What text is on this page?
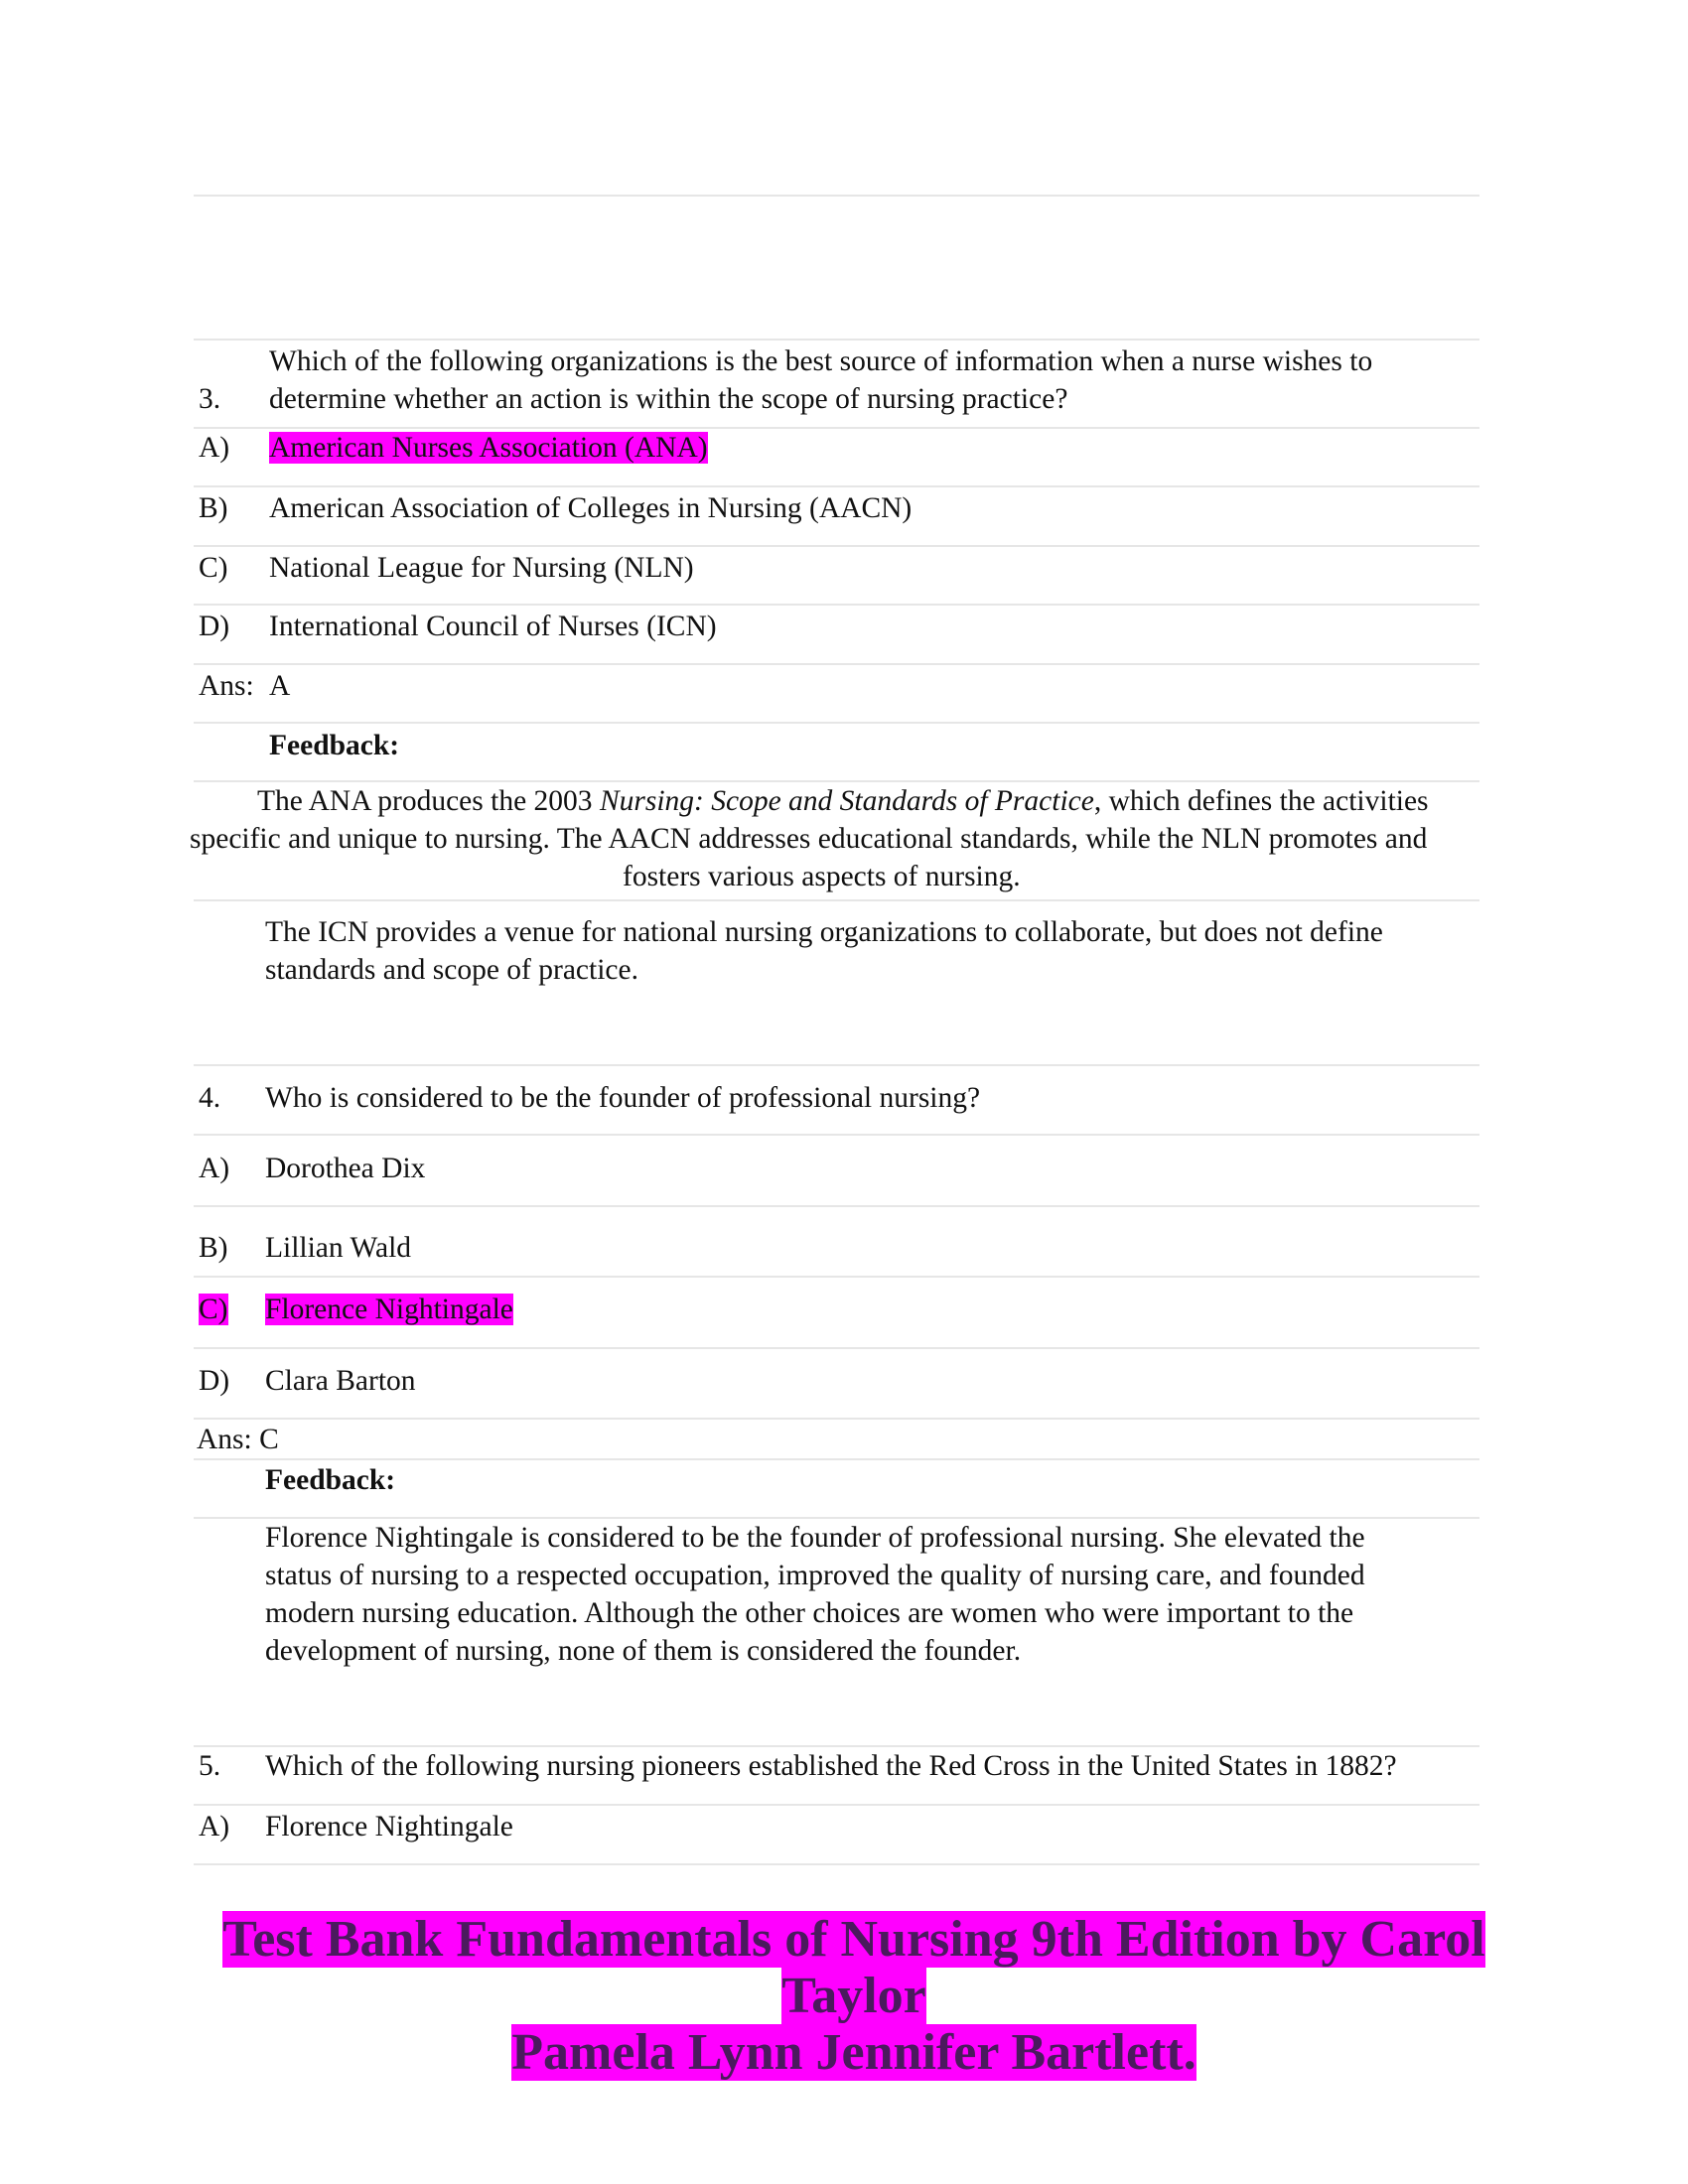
Which of the following organizations is the best source of information when a nurse wishes to
3. determine whether an action is within the scope of nursing practice?
A) American Nurses Association (ANA)
B) American Association of Colleges in Nursing (AACN)
C) National League for Nursing (NLN)
D) International Council of Nurses (ICN)
Ans: A
Feedback:
The ANA produces the 2003 Nursing: Scope and Standards of Practice, which defines the activities
specific and unique to nursing. The AACN addresses educational standards, while the NLN promotes and
fosters various aspects of nursing.
The ICN provides a venue for national nursing organizations to collaborate, but does not define
standards and scope of practice.
4. Who is considered to be the founder of professional nursing?
A) Dorothea Dix
B) Lillian Wald
C) Florence Nightingale
D) Clara Barton
Ans: C
Feedback:
Florence Nightingale is considered to be the founder of professional nursing. She elevated the
status of nursing to a respected occupation, improved the quality of nursing care, and founded
modern nursing education. Although the other choices are women who were important to the
development of nursing, none of them is considered the founder.
5. Which of the following nursing pioneers established the Red Cross in the United States in 1882?
A) Florence Nightingale
Test Bank Fundamentals of Nursing 9th Edition by Carol Taylor
Pamela Lynn Jennifer Bartlett.
